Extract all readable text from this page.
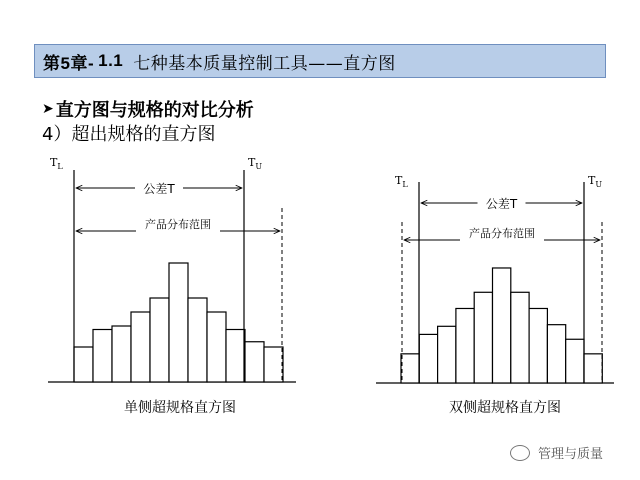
第5章- 1.1 七种基本质量控制工具——直方图
➤ 直方图与规格的对比分析
4）超出规格的直方图
$T_L$	$T_U$
公差T
产品分布范围
单侧超规格直方图
$T_L$	$T_U$
公差T
产品分布范围
双侧超规格直方图
管理与质量
